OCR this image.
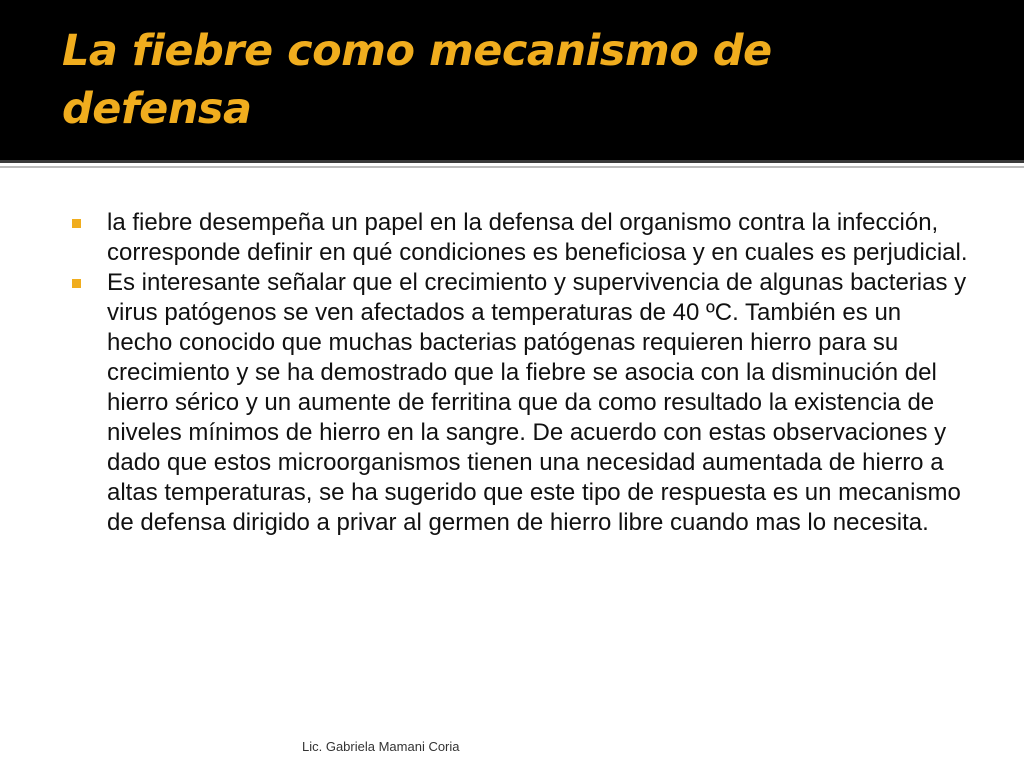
La fiebre como mecanismo de defensa
la fiebre desempeña un papel en la defensa del organismo contra la infección, corresponde definir en qué condiciones es beneficiosa y en cuales es perjudicial.
Es interesante señalar que el crecimiento y supervivencia de algunas bacterias y virus patógenos se ven afectados a temperaturas de 40 ºC. También es un hecho conocido que muchas bacterias patógenas requieren hierro para su crecimiento y se ha demostrado que la fiebre se asocia con la disminución del hierro sérico y un aumente de ferritina que da como resultado la existencia de niveles mínimos de hierro en la sangre. De acuerdo con estas observaciones y dado que estos microorganismos tienen una necesidad aumentada de hierro a altas temperaturas, se ha sugerido que este tipo de respuesta es un mecanismo de defensa dirigido a privar al germen de hierro libre cuando mas lo necesita.
Lic. Gabriela Mamani Coria
